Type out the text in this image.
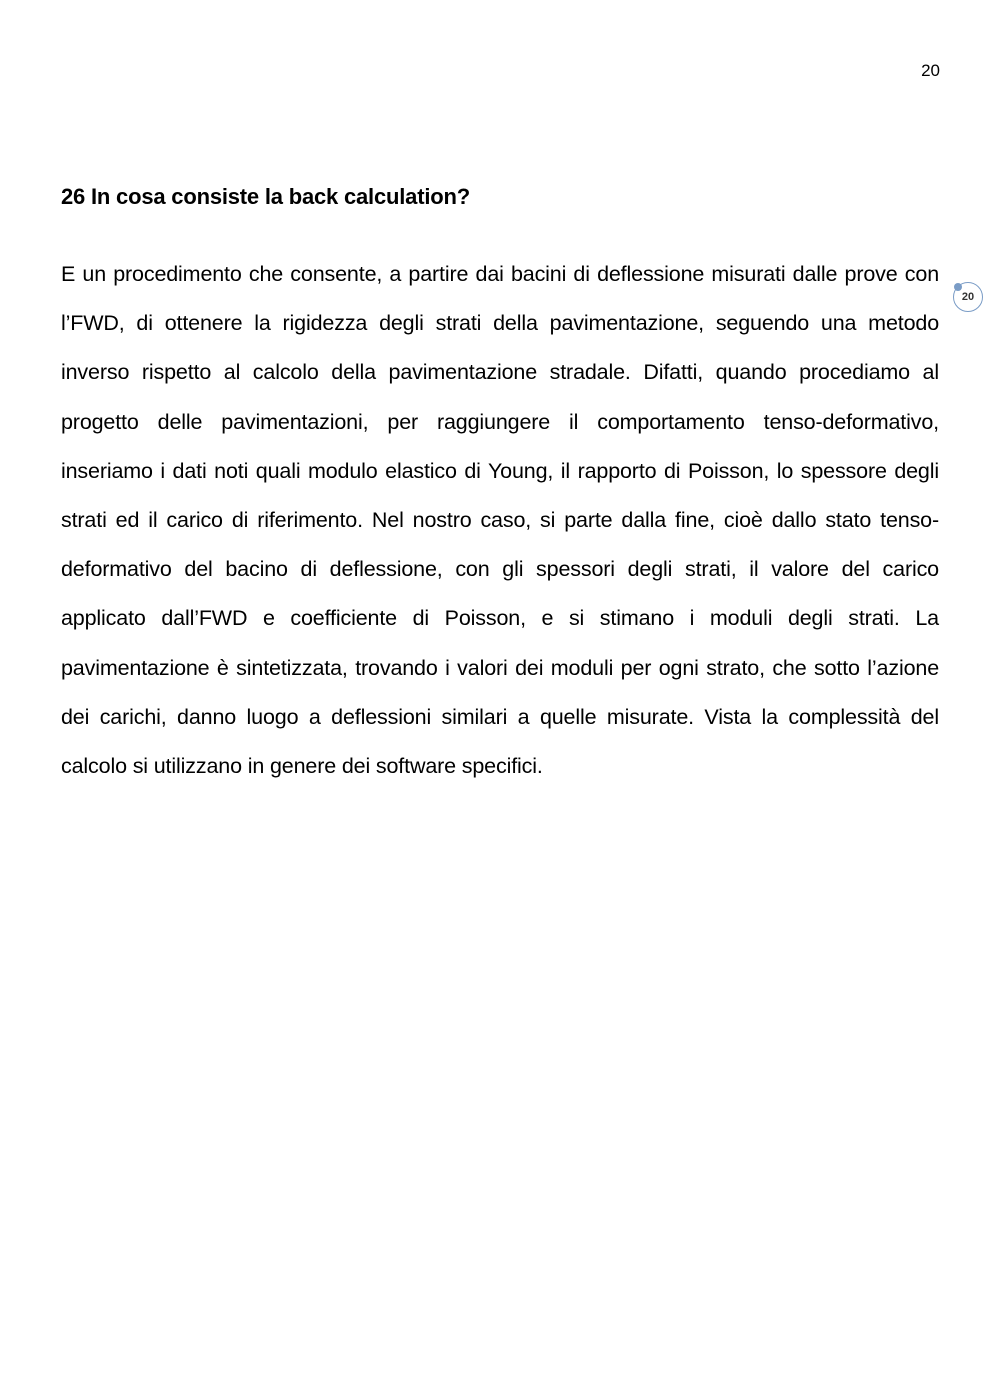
20
26 In cosa consiste la back calculation?

E un procedimento che consente, a partire dai bacini di deflessione misurati dalle prove con l’FWD, di ottenere la rigidezza degli strati della pavimentazione, seguendo una metodo inverso rispetto al calcolo della pavimentazione stradale. Difatti, quando procediamo al progetto delle pavimentazioni, per raggiungere il comportamento tenso-deformativo, inseriamo i dati noti quali modulo elastico di Young, il rapporto di Poisson, lo spessore degli strati ed il carico di riferimento. Nel nostro caso, si parte dalla fine, cioè dallo stato tenso-deformativo del bacino di deflessione, con gli spessori degli strati, il valore del carico applicato dall’FWD e coefficiente di Poisson, e si stimano i moduli degli strati. La pavimentazione è sintetizzata, trovando i valori dei moduli per ogni strato, che sotto l’azione dei carichi, danno luogo a deflessioni similari a quelle misurate. Vista la complessità del calcolo si utilizzano in genere dei software specifici.

20
